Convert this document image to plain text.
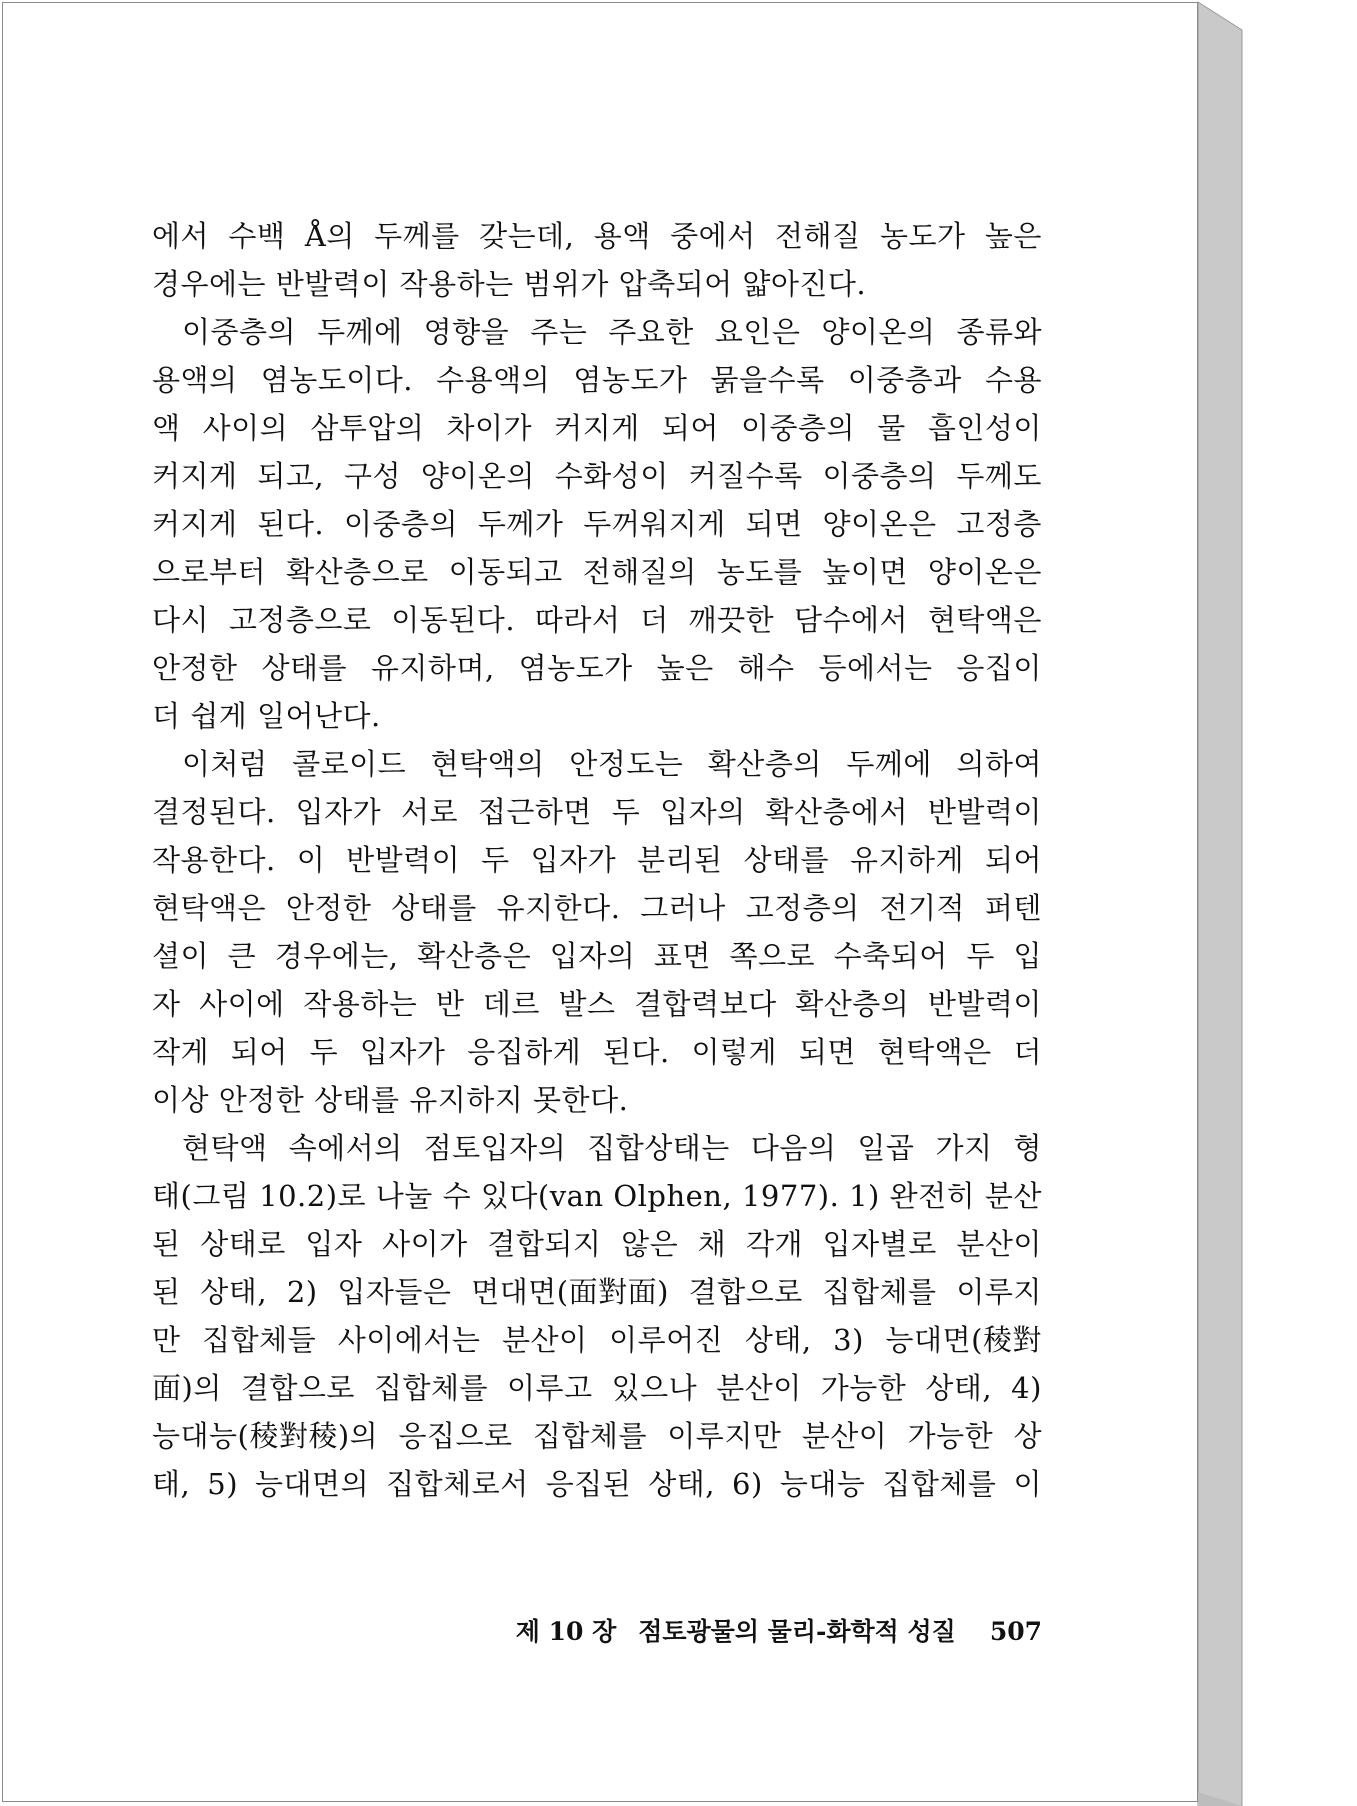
에서 수백 Å의 두께를 갖는데, 용액 중에서 전해질 농도가 높은
경우에는 반발력이 작용하는 범위가 압축되어 얇아진다.
이중층의 두께에 영향을 주는 주요한 요인은 양이온의 종류와
용액의 염농도이다. 수용액의 염농도가 묽을수록 이중층과 수용
액 사이의 삼투압의 차이가 커지게 되어 이중층의 물 흡인성이
커지게 되고, 구성 양이온의 수화성이 커질수록 이중층의 두께도
커지게 된다. 이중층의 두께가 두꺼워지게 되면 양이온은 고정층
으로부터 확산층으로 이동되고 전해질의 농도를 높이면 양이온은
다시 고정층으로 이동된다. 따라서 더 깨끗한 담수에서 현탁액은
안정한 상태를 유지하며, 염농도가 높은 해수 등에서는 응집이
더 쉽게 일어난다.
이처럼 콜로이드 현탁액의 안정도는 확산층의 두께에 의하여
결정된다. 입자가 서로 접근하면 두 입자의 확산층에서 반발력이
작용한다. 이 반발력이 두 입자가 분리된 상태를 유지하게 되어
현탁액은 안정한 상태를 유지한다. 그러나 고정층의 전기적 퍼텐
셜이 큰 경우에는, 확산층은 입자의 표면 쪽으로 수축되어 두 입
자 사이에 작용하는 반 데르 발스 결합력보다 확산층의 반발력이
작게 되어 두 입자가 응집하게 된다. 이렇게 되면 현탁액은 더
이상 안정한 상태를 유지하지 못한다.
현탁액 속에서의 점토입자의 집합상태는 다음의 일곱 가지 형
태(그림 10.2)로 나눌 수 있다(van Olphen, 1977). 1) 완전히 분산
된 상태로 입자 사이가 결합되지 않은 채 각개 입자별로 분산이
된 상태, 2) 입자들은 면대면(面對面) 결합으로 집합체를 이루지
만 집합체들 사이에서는 분산이 이루어진 상태, 3) 능대면(稜對
面)의 결합으로 집합체를 이루고 있으나 분산이 가능한 상태, 4)
능대능(稜對稜)의 응집으로 집합체를 이루지만 분산이 가능한 상
태, 5) 능대면의 집합체로서 응집된 상태, 6) 능대능 집합체를 이
제 10 장 점토광물의 물리-화학적 성질 507
